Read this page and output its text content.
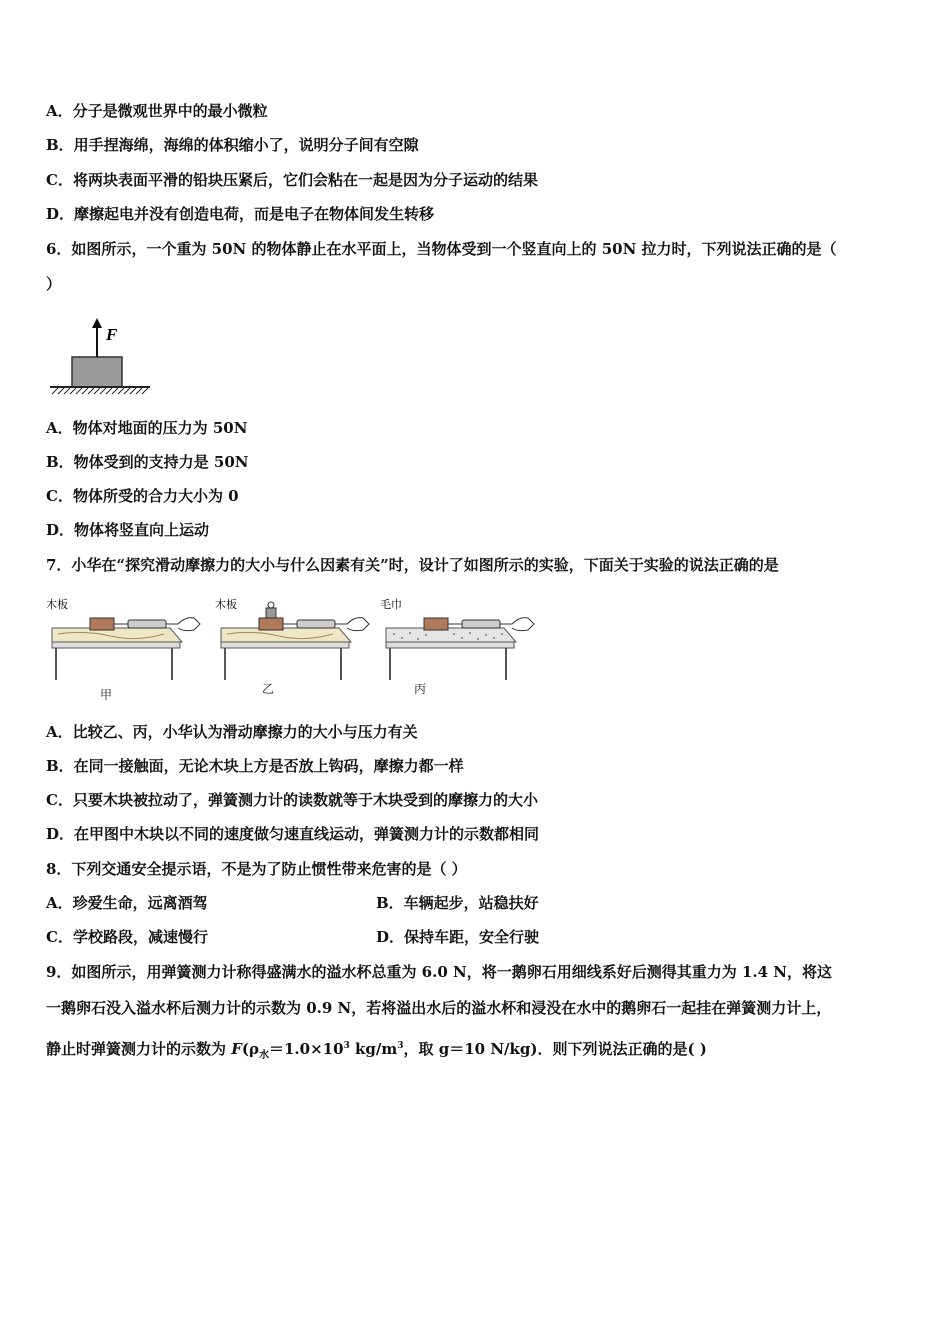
A．分子是微观世界中的最小微粒
B．用手捏海绵，海绵的体积缩小了，说明分子间有空隙
C．将两块表面平滑的铅块压紧后，它们会粘在一起是因为分子运动的结果
D．摩擦起电并没有创造电荷，而是电子在物体间发生转移
6．如图所示，一个重为 50N 的物体静止在水平面上，当物体受到一个竖直向上的 50N 拉力时，下列说法正确的是（
）
F
A．物体对地面的压力为 50N
B．物体受到的支持力是 50N
C．物体所受的合力大小为 0
D．物体将竖直向上运动
7．小华在“探究滑动摩擦力的大小与什么因素有关”时，设计了如图所示的实验，下面关于实验的说法正确的是
木板
甲
木板
乙
毛巾
丙
A．比较乙、丙，小华认为滑动摩擦力的大小与压力有关
B．在同一接触面，无论木块上方是否放上钩码，摩擦力都一样
C．只要木块被拉动了，弹簧测力计的读数就等于木块受到的摩擦力的大小
D．在甲图中木块以不同的速度做匀速直线运动，弹簧测力计的示数都相同
8．下列交通安全提示语，不是为了防止惯性带来危害的是（ ）
A．珍爱生命，远离酒驾	B．车辆起步，站稳扶好
C．学校路段，减速慢行	D．保持车距，安全行驶
9．如图所示，用弹簧测力计称得盛满水的溢水杯总重为 6.0 N，将一鹅卵石用细线系好后测得其重力为 1.4 N，将这
一鹅卵石没入溢水杯后测力计的示数为 0.9 N，若将溢出水后的溢水杯和浸没在水中的鹅卵石一起挂在弹簧测力计上，
静止时弹簧测力计的示数为 $F(\rho_水=1.0\times 10^3$ $kg/m^3$，取 g＝10 N/kg)．则下列说法正确的是( )
